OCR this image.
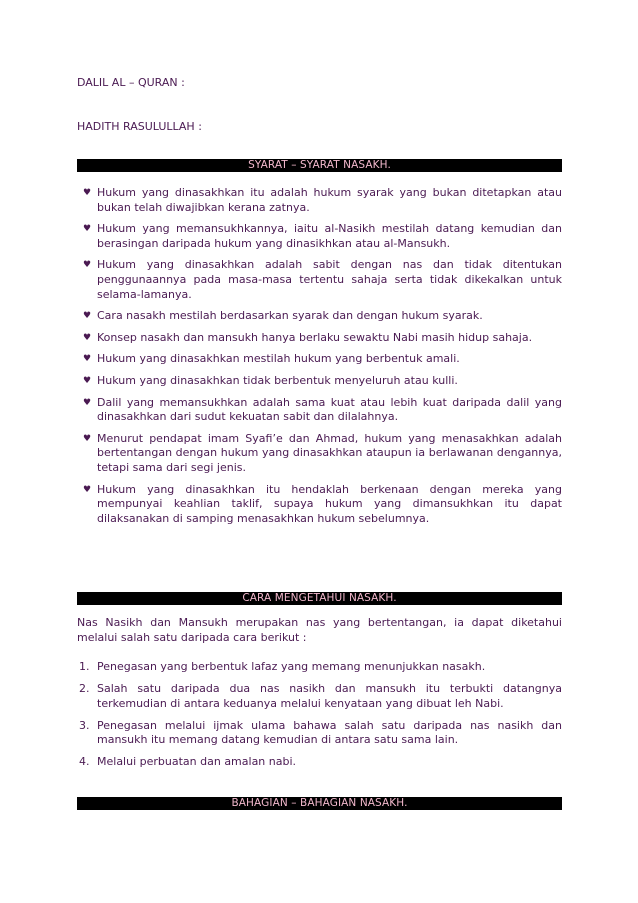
DALIL AL – QURAN :

HADITH RASULULLAH :

SYARAT – SYARAT NASAKH.
♥ Hukum yang dinasakhkan itu adalah hukum syarak yang bukan ditetapkan atau bukan telah diwajibkan kerana zatnya.
♥ Hukum yang memansukhkannya, iaitu al-Nasikh mestilah datang kemudian dan berasingan daripada hukum yang dinasikhkan atau al-Mansukh.
♥ Hukum yang dinasakhkan adalah sabit dengan nas dan tidak ditentukan penggunaannya pada masa-masa tertentu sahaja serta tidak dikekalkan untuk selama-lamanya.
♥ Cara nasakh mestilah berdasarkan syarak dan dengan hukum syarak.
♥ Konsep nasakh dan mansukh hanya berlaku sewaktu Nabi masih hidup sahaja.
♥ Hukum yang dinasakhkan mestilah hukum yang berbentuk amali.
♥ Hukum yang dinasakhkan tidak berbentuk menyeluruh atau kulli.
♥ Dalil yang memansukhkan adalah sama kuat atau lebih kuat daripada dalil yang dinasakhkan dari sudut kekuatan sabit dan dilalahnya.
♥ Menurut pendapat imam Syafi’e dan Ahmad, hukum yang menasakhkan adalah bertentangan dengan hukum yang dinasakhkan ataupun ia berlawanan dengannya, tetapi sama dari segi jenis.
♥ Hukum yang dinasakhkan itu hendaklah berkenaan dengan mereka yang mempunyai keahlian taklif, supaya hukum yang dimansukhkan itu dapat dilaksanakan di samping menasakhkan hukum sebelumnya.
CARA MENGETAHUI NASAKH.

Nas Nasikh dan Mansukh merupakan nas yang bertentangan, ia dapat diketahui melalui salah satu daripada cara berikut :

1. Penegasan yang berbentuk lafaz yang memang menunjukkan nasakh.
2. Salah satu daripada dua nas nasikh dan mansukh itu terbukti datangnya terkemudian di antara keduanya melalui kenyataan yang dibuat leh Nabi.
3. Penegasan melalui ijmak ulama bahawa salah satu daripada nas nasikh dan mansukh itu memang datang kemudian di antara satu sama lain.
4. Melalui perbuatan dan amalan nabi.
BAHAGIAN – BAHAGIAN NASAKH.
